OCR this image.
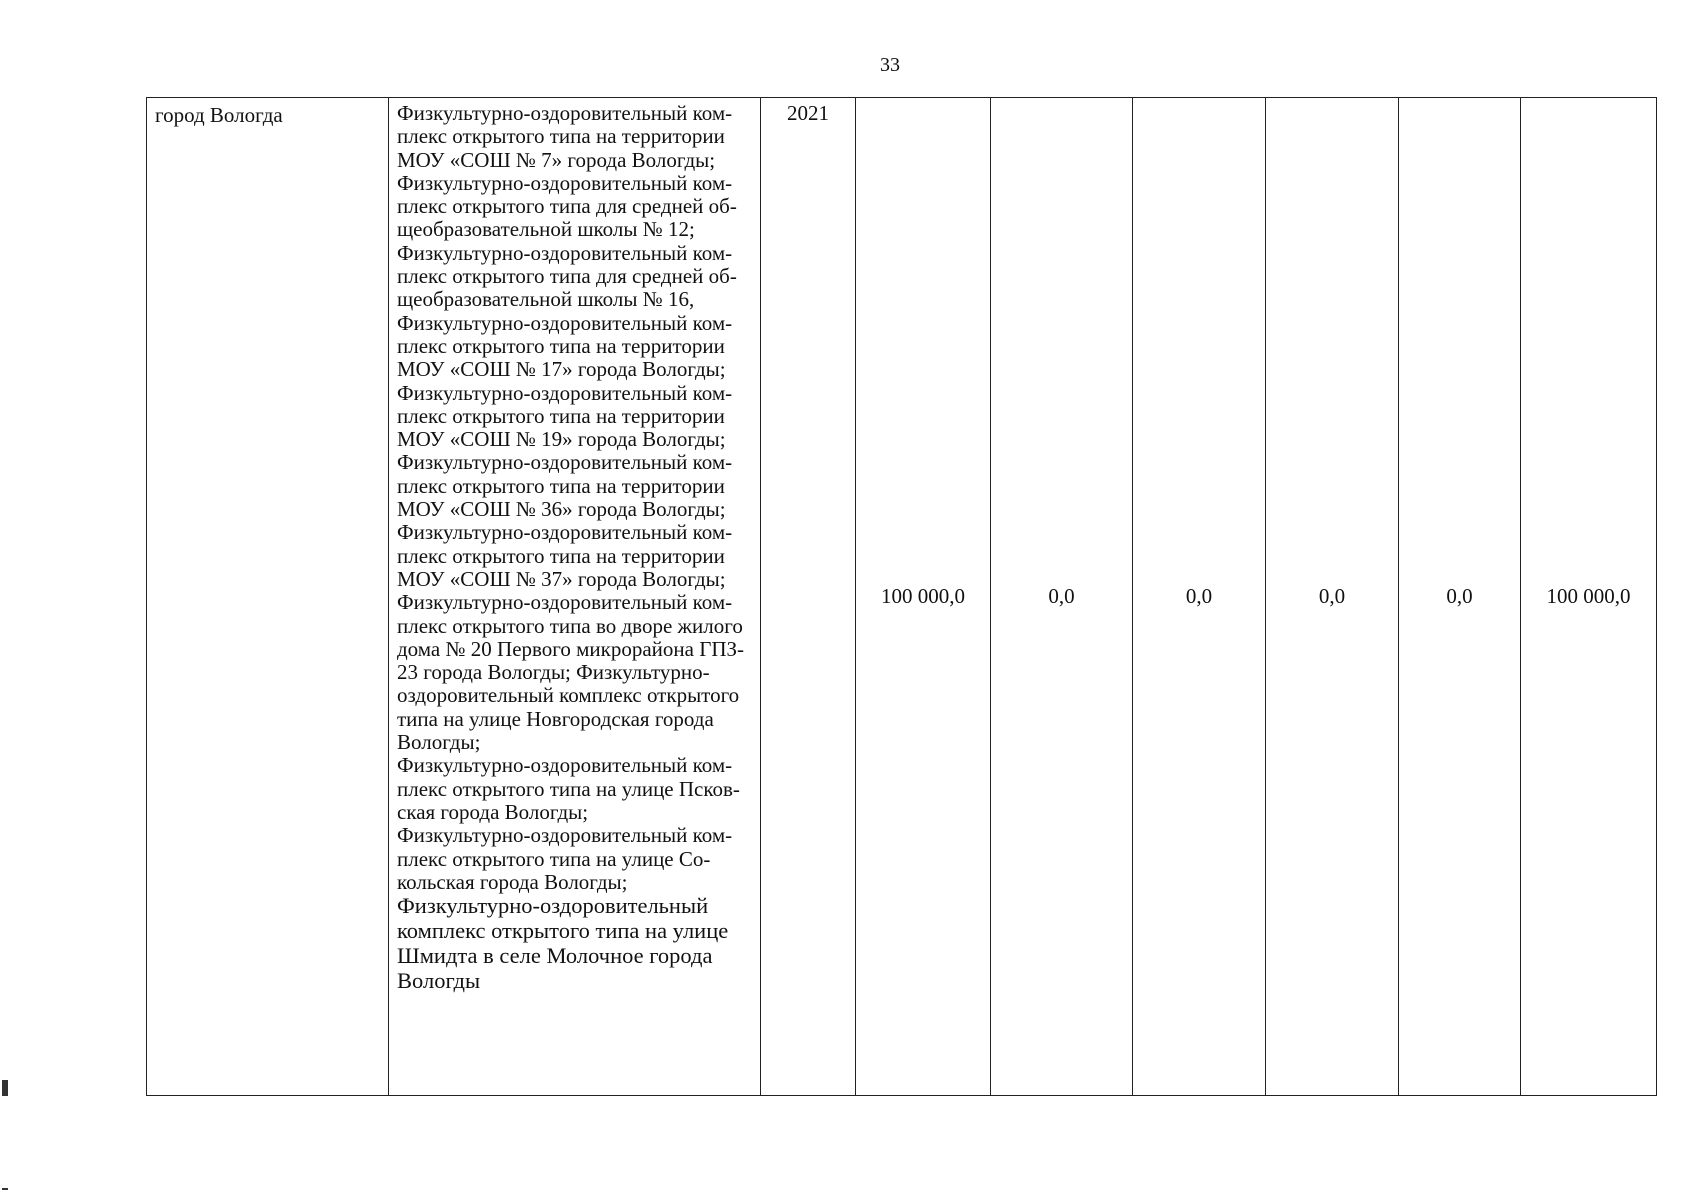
33
город Вологда	Физкультурно-оздоровительный ком-
плекс открытого типа на территории
МОУ «СОШ № 7» города Вологды;
Физкультурно-оздоровительный ком-
плекс открытого типа для средней об-
щеобразовательной школы № 12;
Физкультурно-оздоровительный ком-
плекс открытого типа для средней об-
щеобразовательной школы № 16,
Физкультурно-оздоровительный ком-
плекс открытого типа на территории
МОУ «СОШ № 17» города Вологды;
Физкультурно-оздоровительный ком-
плекс открытого типа на территории
МОУ «СОШ № 19» города Вологды;
Физкультурно-оздоровительный ком-
плекс открытого типа на территории
МОУ «СОШ № 36» города Вологды;
Физкультурно-оздоровительный ком-
плекс открытого типа на территории
МОУ «СОШ № 37» города Вологды;
Физкультурно-оздоровительный ком-
плекс открытого типа во дворе жилого
дома № 20 Первого микрорайона ГПЗ-
23 города Вологды; Физкультурно-
оздоровительный комплекс открытого
типа на улице Новгородская города
Вологды;
Физкультурно-оздоровительный ком-
плекс открытого типа на улице Псков-
ская города Вологды;
Физкультурно-оздоровительный ком-
плекс открытого типа на улице Со-
кольская города Вологды;
Физкультурно-оздоровительный
комплекс открытого типа на улице
Шмидта в селе Молочное города
Вологды
	2021	100 000,0	0,0	0,0	0,0	0,0	100 000,0
